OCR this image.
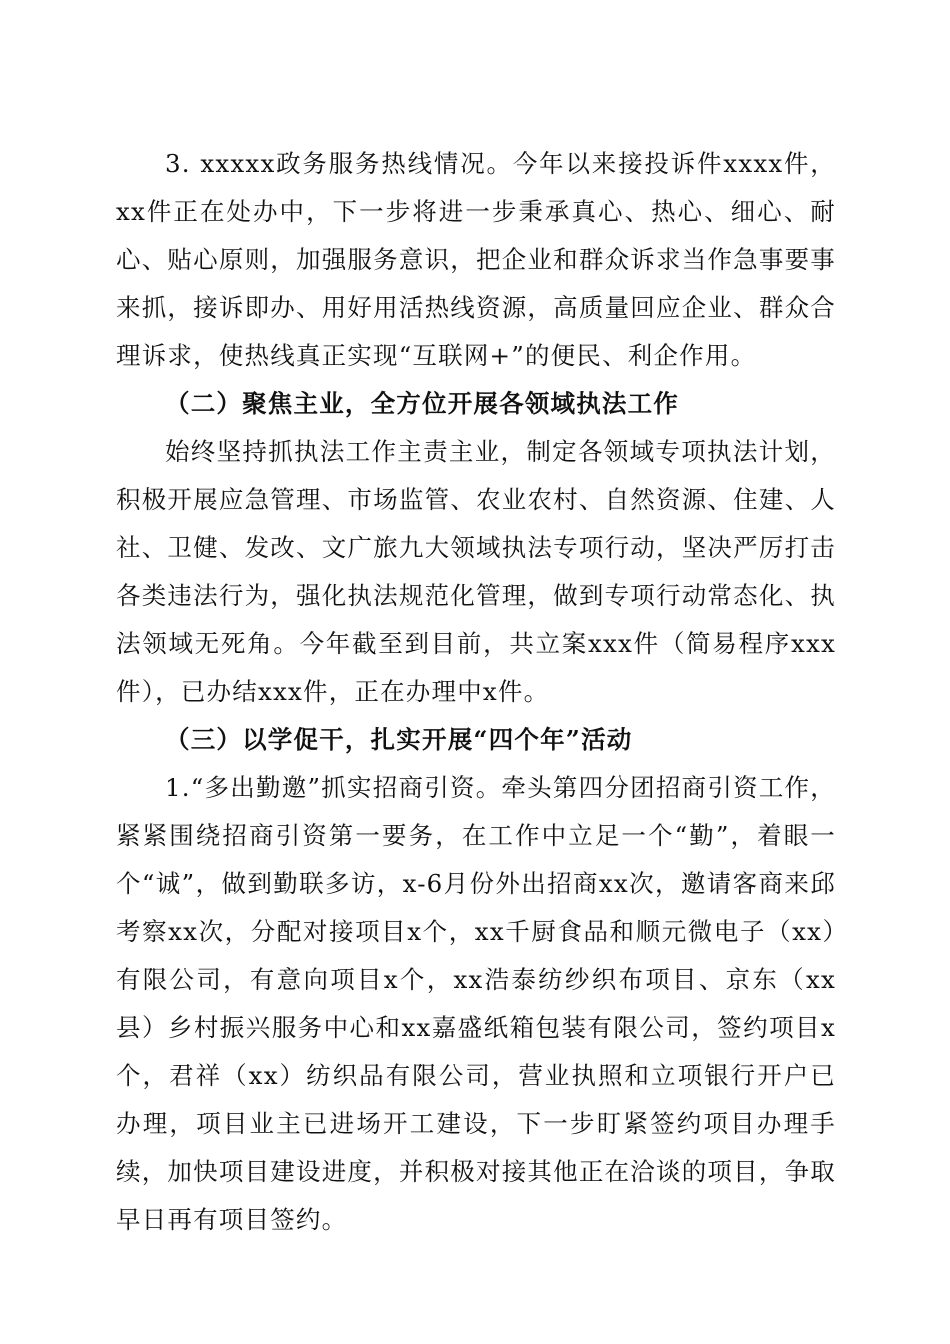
3. xxxxx政务服务热线情况。今年以来接投诉件xxxx件，xx件正在处办中，下一步将进一步秉承真心、热心、细心、耐心、贴心原则，加强服务意识，把企业和群众诉求当作急事要事来抓，接诉即办、用好用活热线资源，高质量回应企业、群众合理诉求，使热线真正实现“互联网+”的便民、利企作用。

（二）聚焦主业，全方位开展各领域执法工作

始终坚持抓执法工作主责主业，制定各领域专项执法计划，积极开展应急管理、市场监管、农业农村、自然资源、住建、人社、卫健、发改、文广旅九大领域执法专项行动，坚决严厉打击各类违法行为，强化执法规范化管理，做到专项行动常态化、执法领域无死角。今年截至到目前，共立案xxx件（简易程序xxx件），已办结xxx件，正在办理中x件。

（三）以学促干，扎实开展“四个年”活动

1.“多出勤邀”抓实招商引资。牵头第四分团招商引资工作，紧紧围绕招商引资第一要务，在工作中立足一个“勤”，着眼一个“诚”，做到勤联多访，x-6月份外出招商xx次，邀请客商来邱考察xx次，分配对接项目x个，xx千厨食品和顺元微电子（xx）有限公司，有意向项目x个，xx浩泰纺纱织布项目、京东（xx县）乡村振兴服务中心和xx嘉盛纸箱包装有限公司，签约项目x个，君祥（xx）纺织品有限公司，营业执照和立项银行开户已办理，项目业主已进场开工建设，下一步盯紧签约项目办理手续，加快项目建设进度，并积极对接其他正在洽谈的项目，争取早日再有项目签约。
